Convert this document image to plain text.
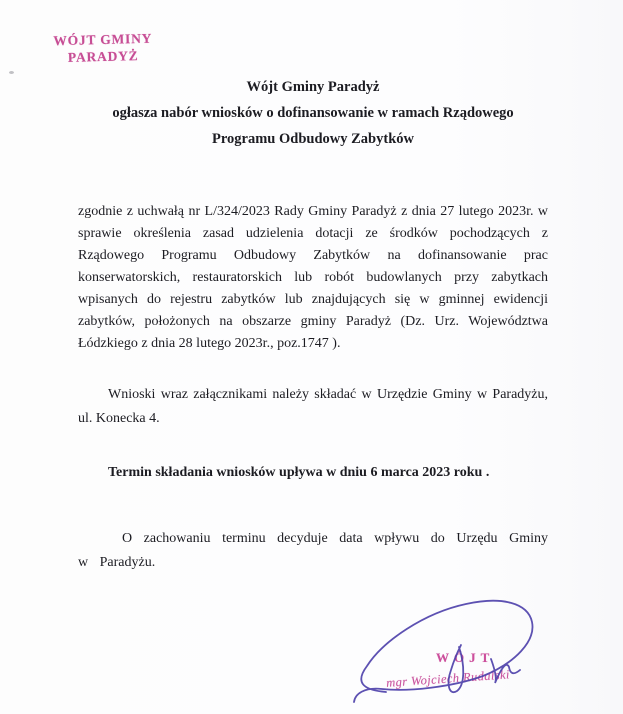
WÓJT GMINY
PARADYŻ
Wójt Gminy Paradyż
ogłasza nabór wniosków o dofinansowanie w ramach Rządowego
Programu Odbudowy Zabytków
zgodnie z uchwałą nr L/324/2023 Rady Gminy Paradyż z dnia 27 lutego 2023r. w sprawie określenia zasad udzielenia dotacji ze środków pochodzących z Rządowego Programu Odbudowy Zabytków na dofinansowanie prac konserwatorskich, restauratorskich lub robót budowlanych przy zabytkach wpisanych do rejestru zabytków lub znajdujących się w gminnej ewidencji zabytków, położonych na obszarze gminy Paradyż (Dz. Urz. Województwa Łódzkiego z dnia 28 lutego 2023r., poz.1747 ).
Wnioski wraz załącznikami należy składać w Urzędzie Gminy w Paradyżu, ul. Konecka 4.
Termin składania wniosków upływa w dniu 6 marca 2023 roku .
O zachowaniu terminu decyduje data wpływu do Urzędu Gminy w Paradyżu.
WÓJT
mgr Wojciech Rudalski
